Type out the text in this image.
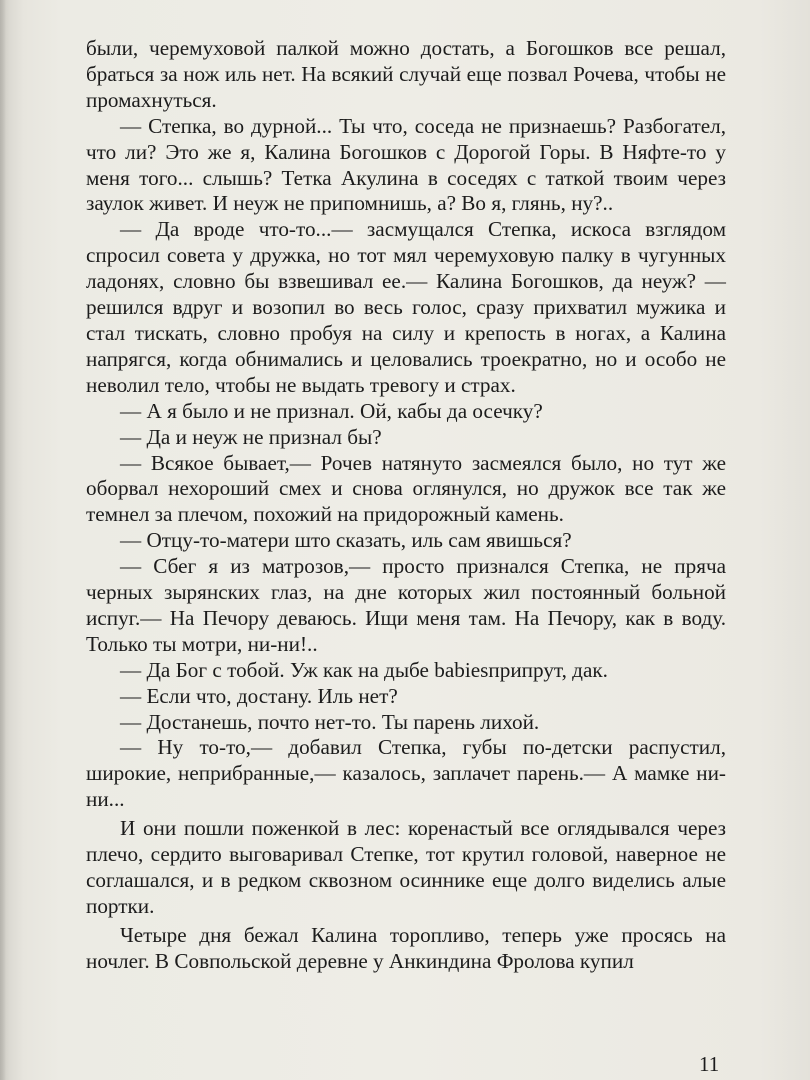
были, черемуховой палкой можно достать, а Богошков все решал, браться за нож иль нет. На всякий случай еще позвал Рочева, чтобы не промахнуться.

— Степка, во дурной... Ты что, соседа не признаешь? Разбогател, что ли? Это же я, Калина Богошков с Дорогой Горы. В Няфте-то у меня того... слышь? Тетка Акулина в соседях с таткой твоим через заулок живет. И неуж не припомнишь, а? Во я, глянь, ну?..

— Да вроде что-то...— засмущался Степка, искоса взглядом спросил совета у дружка, но тот мял черемуховую палку в чугунных ладонях, словно бы взвешивал ее.— Калина Богошков, да неуж? — решился вдруг и возопил во весь голос, сразу прихватил мужика и стал тискать, словно пробуя на силу и крепость в ногах, а Калина напрягся, когда обнимались и целовались троекратно, но и особо не неволил тело, чтобы не выдать тревогу и страх.

— А я было и не признал. Ой, кабы да осечку?

— Да и неуж не признал бы?

— Всякое бывает,— Рочев натянуто засмеялся было, но тут же оборвал нехороший смех и снова оглянулся, но дружок все так же темнел за плечом, похожий на придорожный камень.

— Отцу-то-матери што сказать, иль сам явишься?

— Сбег я из матрозов,— просто признался Степка, не пряча черных зырянских глаз, на дне которых жил постоянный больной испуг.— На Печору деваюсь. Ищи меня там. На Печору, как в воду. Только ты мотри, ни-ни!..

— Да Бог с тобой. Уж как на дыбе babiesприпрут, дак.

— Если что, достану. Иль нет?

— Достанешь, почто нет-то. Ты парень лихой.

— Ну то-то,— добавил Степка, губы по-детски распустил, широкие, неприбранные,— казалось, заплачет парень.— А мамке ни-ни...

И они пошли поженкой в лес: коренастый все оглядывался через плечо, сердито выговаривал Степке, тот крутил головой, наверное не соглашался, и в редком сквозном осиннике еще долго виделись алые портки.

Четыре дня бежал Калина торопливо, теперь уже просясь на ночлег. В Совпольской деревне у Анкиндина Фролова купил

11
